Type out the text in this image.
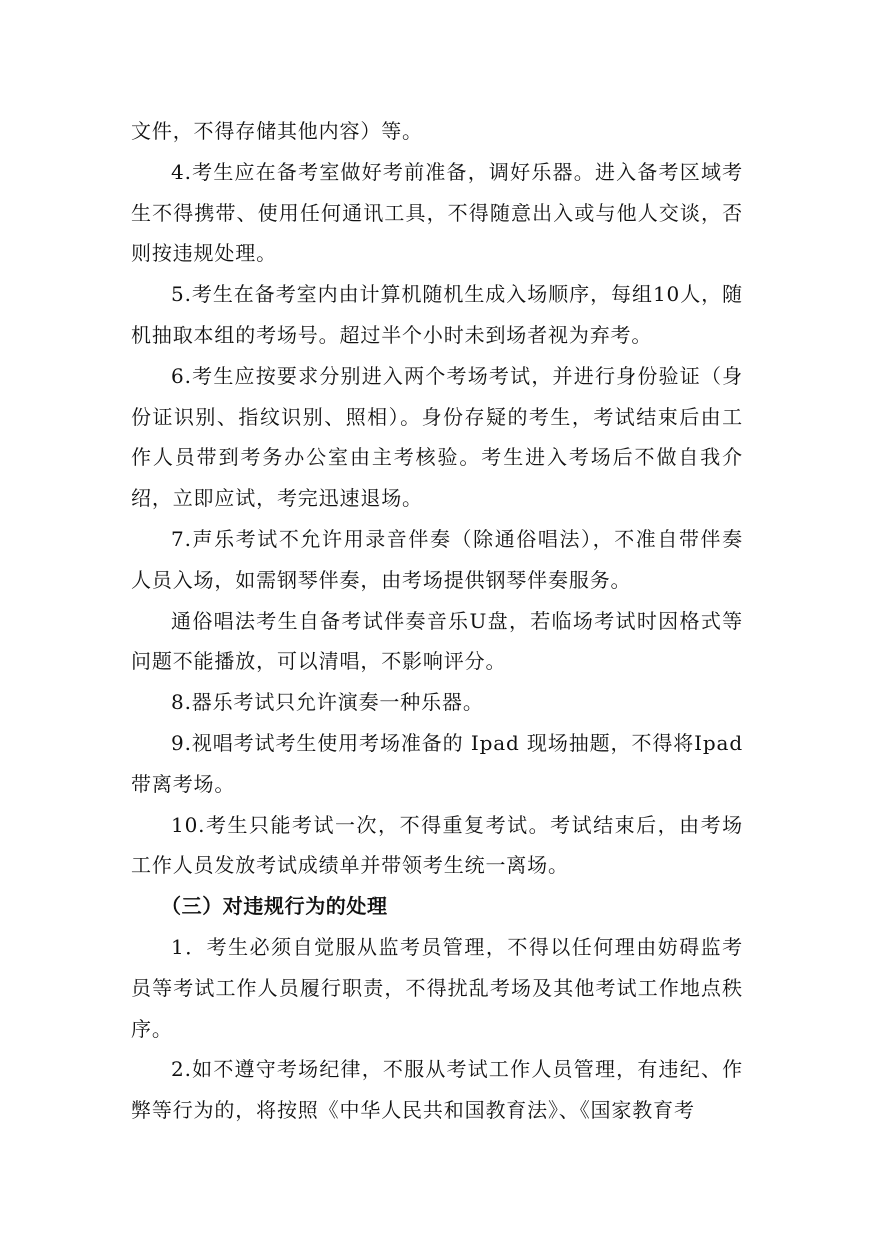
文件，不得存储其他内容）等。

4.考生应在备考室做好考前准备，调好乐器。进入备考区域考生不得携带、使用任何通讯工具，不得随意出入或与他人交谈，否则按违规处理。

5.考生在备考室内由计算机随机生成入场顺序，每组10人，随机抽取本组的考场号。超过半个小时未到场者视为弃考。

6.考生应按要求分别进入两个考场考试，并进行身份验证（身份证识别、指纹识别、照相）。身份存疑的考生，考试结束后由工作人员带到考务办公室由主考核验。考生进入考场后不做自我介绍，立即应试，考完迅速退场。

7.声乐考试不允许用录音伴奏（除通俗唱法），不准自带伴奏人员入场，如需钢琴伴奏，由考场提供钢琴伴奏服务。

通俗唱法考生自备考试伴奏音乐U盘，若临场考试时因格式等问题不能播放，可以清唱，不影响评分。

8.器乐考试只允许演奏一种乐器。

9.视唱考试考生使用考场准备的 Ipad 现场抽题，不得将Ipad带离考场。

10.考生只能考试一次，不得重复考试。考试结束后，由考场工作人员发放考试成绩单并带领考生统一离场。

（三）对违规行为的处理

1．考生必须自觉服从监考员管理，不得以任何理由妨碍监考员等考试工作人员履行职责，不得扰乱考场及其他考试工作地点秩序。

2.如不遵守考场纪律，不服从考试工作人员管理，有违纪、作弊等行为的，将按照《中华人民共和国教育法》、《国家教育考
